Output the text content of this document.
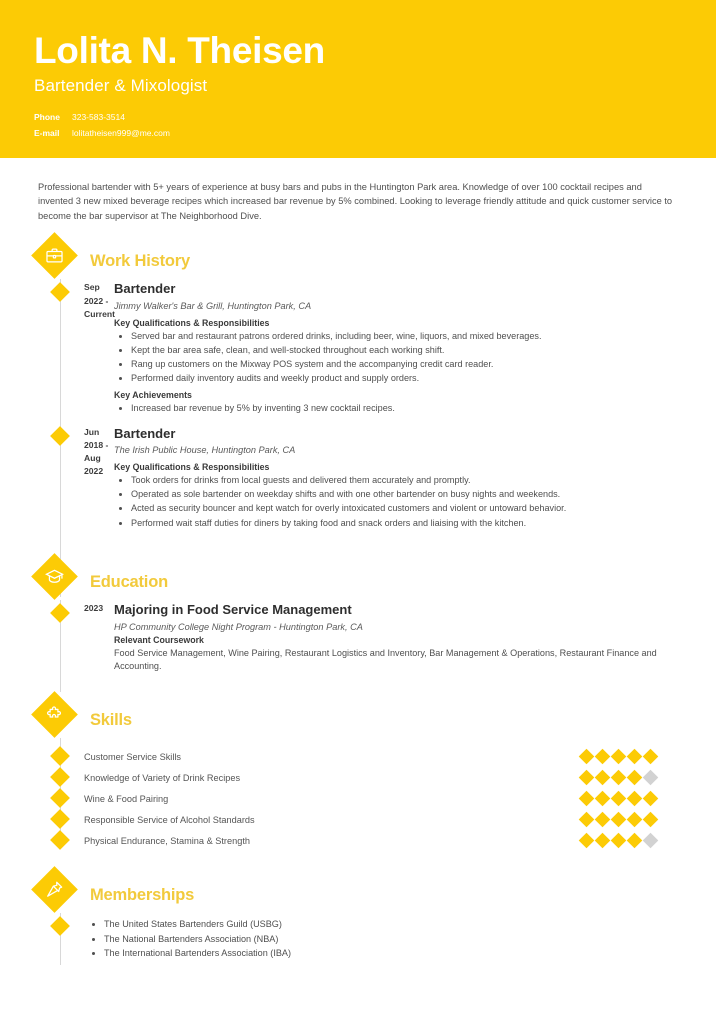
Lolita N. Theisen
Bartender & Mixologist
Phone 323-583-3514
E-mail lolitatheisen999@me.com
Professional bartender with 5+ years of experience at busy bars and pubs in the Huntington Park area. Knowledge of over 100 cocktail recipes and invented 3 new mixed beverage recipes which increased bar revenue by 5% combined. Looking to leverage friendly attitude and quick customer service to become the bar supervisor at The Neighborhood Dive.
Work History
Sep 2022 - Current
Bartender
Jimmy Walker's Bar & Grill, Huntington Park, CA
Key Qualifications & Responsibilities
• Served bar and restaurant patrons ordered drinks, including beer, wine, liquors, and mixed beverages.
• Kept the bar area safe, clean, and well-stocked throughout each working shift.
• Rang up customers on the Mixway POS system and the accompanying credit card reader.
• Performed daily inventory audits and weekly product and supply orders.
Key Achievements
• Increased bar revenue by 5% by inventing 3 new cocktail recipes.
Jun 2018 - Aug 2022
Bartender
The Irish Public House, Huntington Park, CA
Key Qualifications & Responsibilities
• Took orders for drinks from local guests and delivered them accurately and promptly.
• Operated as sole bartender on weekday shifts and with one other bartender on busy nights and weekends.
• Acted as security bouncer and kept watch for overly intoxicated customers and violent or untoward behavior.
• Performed wait staff duties for diners by taking food and snack orders and liaising with the kitchen.
Education
2023 Majoring in Food Service Management
HP Community College Night Program - Huntington Park, CA
Relevant Coursework
Food Service Management, Wine Pairing, Restaurant Logistics and Inventory, Bar Management & Operations, Restaurant Finance and Accounting.
Skills
Customer Service Skills
Knowledge of Variety of Drink Recipes
Wine & Food Pairing
Responsible Service of Alcohol Standards
Physical Endurance, Stamina & Strength
Memberships
• The United States Bartenders Guild (USBG)
• The National Bartenders Association (NBA)
• The International Bartenders Association (IBA)
